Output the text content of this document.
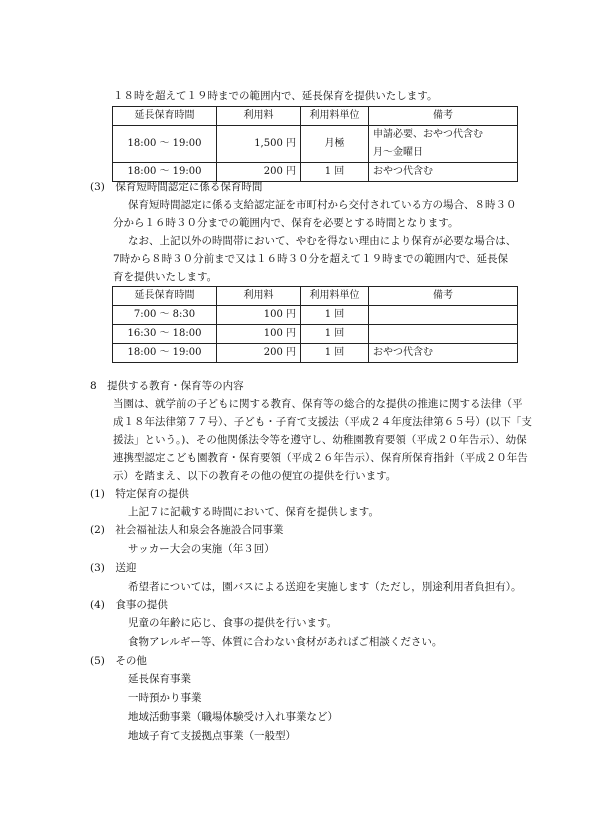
１８時を超えて１９時までの範囲内で、延長保育を提供いたします。
延長保育時間	利用料	利用料単位	備考
18:00 ～ 19:00	1,500 円	月極	申請必要、おやつ代含む
月～金曜日

18:00 ～ 19:00	200 円	1 回	おやつ代含む
(3)　保育短時間認定に係る保育時間
保育短時間認定に係る支給認定証を市町村から交付されている方の場合、８時３０
分から１６時３０分までの範囲内で、保育を必要とする時間となります。
なお、上記以外の時間帯において、やむを得ない理由により保育が必要な場合は、
7時から８時３０分前まで又は１６時３０分を超えて１９時までの範囲内で、延長保
育を提供いたします。
延長保育時間	利用料	利用料単位	備考
7:00 ～ 8:30	100 円	1 回	
16:30 ～ 18:00	100 円	1 回	
18:00 ～ 19:00	200 円	1 回	おやつ代含む
8　提供する教育・保育等の内容
当園は、就学前の子どもに関する教育、保育等の総合的な提供の推進に関する法律（平
成１８年法律第７７号）、子ども・子育て支援法（平成２４年度法律第６５号）(以下「支
援法」という。)、その他関係法令等を遵守し、幼稚園教育要領（平成２０年告示）、幼保
連携型認定こども園教育・保育要領（平成２６年告示）、保育所保育指針（平成２０年告
示）を踏まえ、以下の教育その他の便宜の提供を行います。
(1)　特定保育の提供
上記７に記載する時間において、保育を提供します。
(2)　社会福祉法人和泉会各施設合同事業
サッカー大会の実施（年３回）
(3)　送迎
希望者については，園バスによる送迎を実施します（ただし，別途利用者負担有）。
(4)　食事の提供
児童の年齢に応じ、食事の提供を行います。
食物アレルギー等、体質に合わない食材があればご相談ください。
(5)　その他
延長保育事業
一時預かり事業
地域活動事業（職場体験受け入れ事業など）
地域子育て支援拠点事業（一般型）
